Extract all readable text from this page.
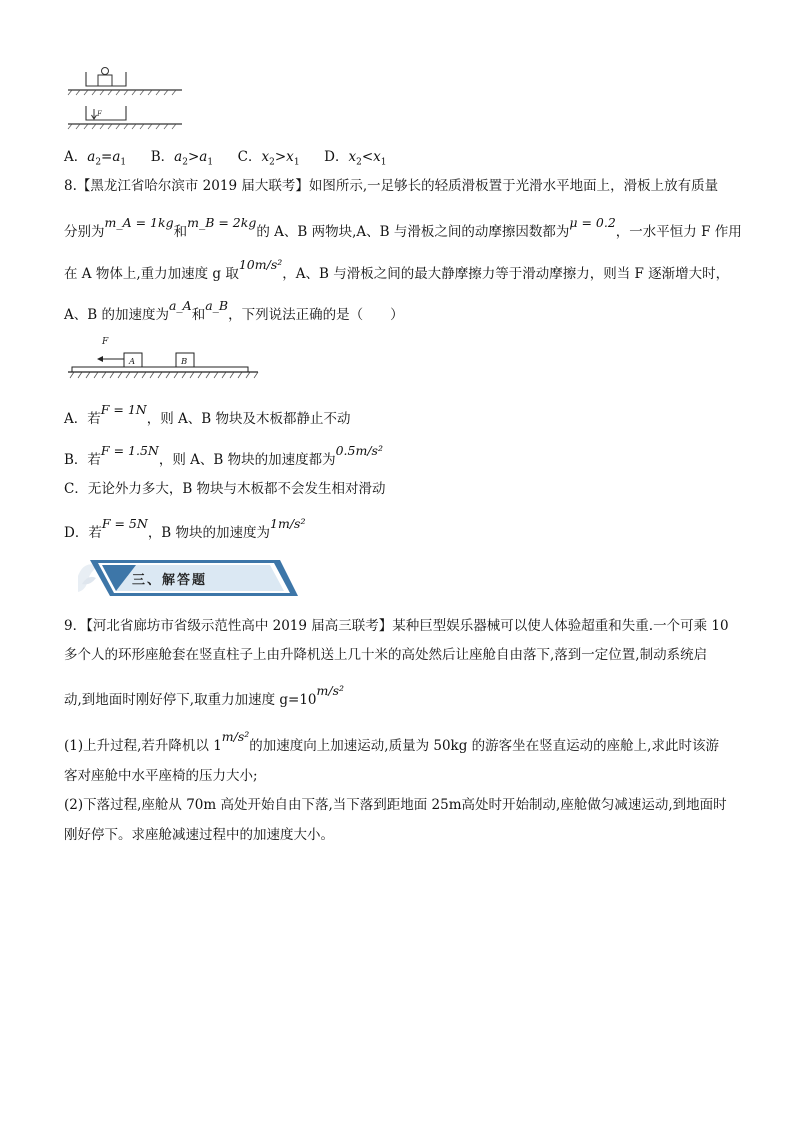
F
A．$a_2=a_1$ B．$a_2>a_1$ C．$x_2>x_1$ D．$x_2<x_1$
8.【黑龙江省哈尔滨市 2019 届大联考】如图所示,一足够长的轻质滑板置于光滑水平地面上，滑板上放有质量
分别为m_A = 1kg和m_B = 2kg的 A、B 两物块,A、B 与滑板之间的动摩擦因数都为μ = 0.2，一水平恒力 F 作用
在 A 物体上,重力加速度 g 取10m/s²，A、B 与滑板之间的最大静摩擦力等于滑动摩擦力，则当 F 逐渐增大时，
A、B 的加速度为a_A和a_B，下列说法正确的是（　　）
F
A	B
A．若F = 1N，则 A、B 物块及木板都静止不动
B．若F = 1.5N，则 A、B 物块的加速度都为0.5m/s²
C．无论外力多大，B 物块与木板都不会发生相对滑动
D．若F = 5N，B 物块的加速度为1m/s²
三、解答题
9．【河北省廊坊市省级示范性高中 2019 届高三联考】某种巨型娱乐器械可以使人体验超重和失重.一个可乘 10
多个人的环形座舱套在竖直柱子上由升降机送上几十米的高处然后让座舱自由落下,落到一定位置,制动系统启
动,到地面时刚好停下,取重力加速度 g=10m/s²
(1)上升过程,若升降机以 1m/s²的加速度向上加速运动,质量为 50kg 的游客坐在竖直运动的座舱上,求此时该游
客对座舱中水平座椅的压力大小;
(2)下落过程,座舱从 70m 高处开始自由下落,当下落到距地面 25m高处时开始制动,座舱做匀减速运动,到地面时
刚好停下。求座舱减速过程中的加速度大小。
